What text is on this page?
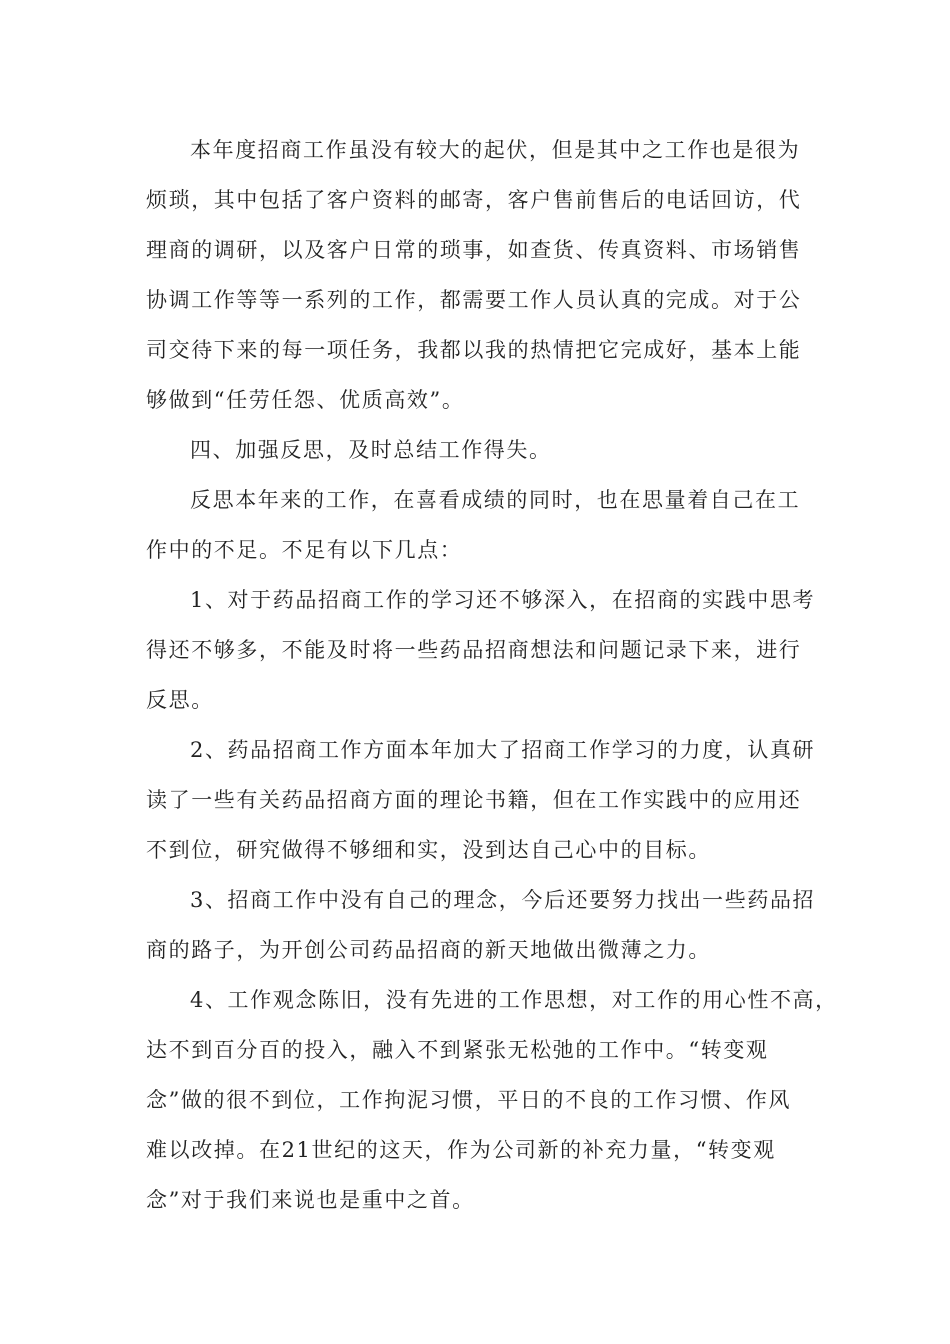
本年度招商工作虽没有较大的起伏，但是其中之工作也是很为
烦琐，其中包括了客户资料的邮寄，客户售前售后的电话回访，代
理商的调研，以及客户日常的琐事，如查货、传真资料、市场销售
协调工作等等一系列的工作，都需要工作人员认真的完成。对于公
司交待下来的每一项任务，我都以我的热情把它完成好，基本上能
够做到“任劳任怨、优质高效”。
四、加强反思，及时总结工作得失。
反思本年来的工作，在喜看成绩的同时，也在思量着自己在工
作中的不足。不足有以下几点：
1、对于药品招商工作的学习还不够深入，在招商的实践中思考
得还不够多，不能及时将一些药品招商想法和问题记录下来，进行
反思。
2、药品招商工作方面本年加大了招商工作学习的力度，认真研
读了一些有关药品招商方面的理论书籍，但在工作实践中的应用还
不到位，研究做得不够细和实，没到达自己心中的目标。
3、招商工作中没有自己的理念，今后还要努力找出一些药品招
商的路子，为开创公司药品招商的新天地做出微薄之力。
4、工作观念陈旧，没有先进的工作思想，对工作的用心性不高，
达不到百分百的投入，融入不到紧张无松弛的工作中。“转变观
念”做的很不到位，工作拘泥习惯，平日的不良的工作习惯、作风
难以改掉。在21世纪的这天，作为公司新的补充力量，“转变观
念”对于我们来说也是重中之首。
